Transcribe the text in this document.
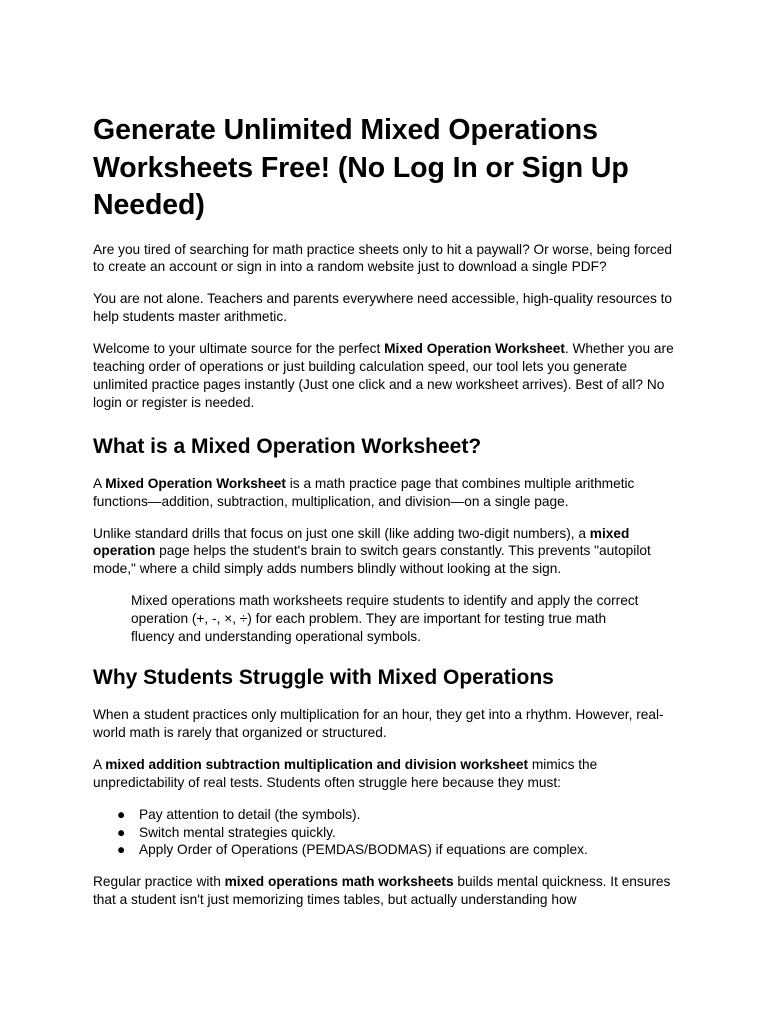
Generate Unlimited Mixed Operations Worksheets Free! (No Log In or Sign Up Needed)

Are you tired of searching for math practice sheets only to hit a paywall? Or worse, being forced to create an account or sign in into a random website just to download a single PDF?

You are not alone. Teachers and parents everywhere need accessible, high-quality resources to help students master arithmetic.

Welcome to your ultimate source for the perfect Mixed Operation Worksheet. Whether you are teaching order of operations or just building calculation speed, our tool lets you generate unlimited practice pages instantly (Just one click and a new worksheet arrives). Best of all? No login or register is needed.

What is a Mixed Operation Worksheet?

A Mixed Operation Worksheet is a math practice page that combines multiple arithmetic functions—addition, subtraction, multiplication, and division—on a single page.

Unlike standard drills that focus on just one skill (like adding two-digit numbers), a mixed operation page helps the student's brain to switch gears constantly. This prevents "autopilot mode," where a child simply adds numbers blindly without looking at the sign.

Mixed operations math worksheets require students to identify and apply the correct operation (+, -, ×, ÷) for each problem. They are important for testing true math fluency and understanding operational symbols.

Why Students Struggle with Mixed Operations

When a student practices only multiplication for an hour, they get into a rhythm. However, real-world math is rarely that organized or structured.

A mixed addition subtraction multiplication and division worksheet mimics the unpredictability of real tests. Students often struggle here because they must:

● Pay attention to detail (the symbols).
● Switch mental strategies quickly.
● Apply Order of Operations (PEMDAS/BODMAS) if equations are complex.

Regular practice with mixed operations math worksheets builds mental quickness. It ensures that a student isn't just memorizing times tables, but actually understanding how
